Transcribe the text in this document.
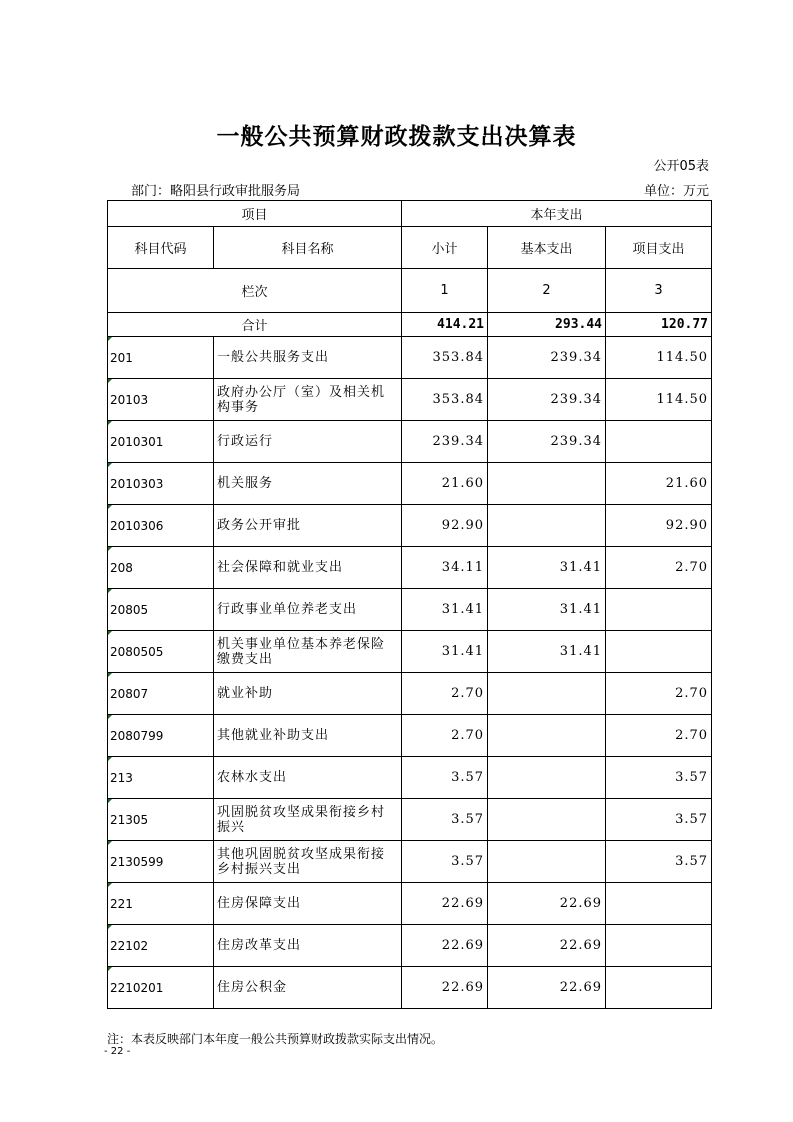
一般公共预算财政拨款支出决算表
公开05表
部门：略阳县行政审批服务局	单位：万元
项目		本年支出		
科目代码	科目名称	小计	基本支出	项目支出
栏次		1	2	3
合计		414.21	293.44	120.77
201	一般公共服务支出	353.84	239.34	114.50
20103	政府办公厅（室）及相关机构事务	353.84	239.34	114.50
2010301	行政运行	239.34	239.34	
2010303	机关服务	21.60		21.60
2010306	政务公开审批	92.90		92.90
208	社会保障和就业支出	34.11	31.41	2.70
20805	行政事业单位养老支出	31.41	31.41	
2080505	机关事业单位基本养老保险缴费支出	31.41	31.41	
20807	就业补助	2.70		2.70
2080799	其他就业补助支出	2.70		2.70
213	农林水支出	3.57		3.57
21305	巩固脱贫攻坚成果衔接乡村振兴	3.57		3.57
2130599	其他巩固脱贫攻坚成果衔接乡村振兴支出	3.57		3.57
221	住房保障支出	22.69	22.69	
22102	住房改革支出	22.69	22.69	
2210201	住房公积金	22.69	22.69	
注：本表反映部门本年度一般公共预算财政拨款实际支出情况。
- 22 -
